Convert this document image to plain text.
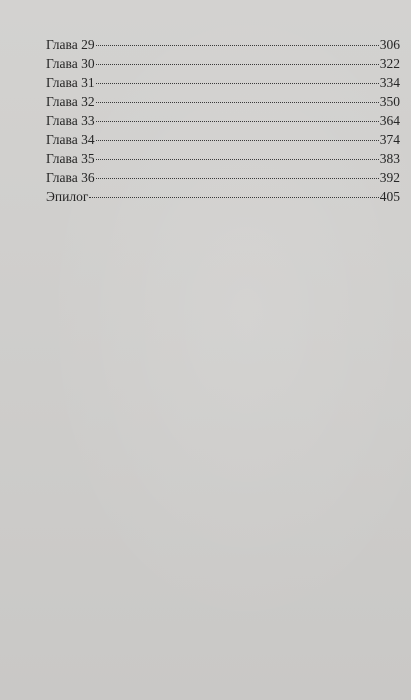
Глава 29	306
Глава 30	322
Глава 31	334
Глава 32	350
Глава 33	364
Глава 34	374
Глава 35	383
Глава 36	392
Эпилог	405
